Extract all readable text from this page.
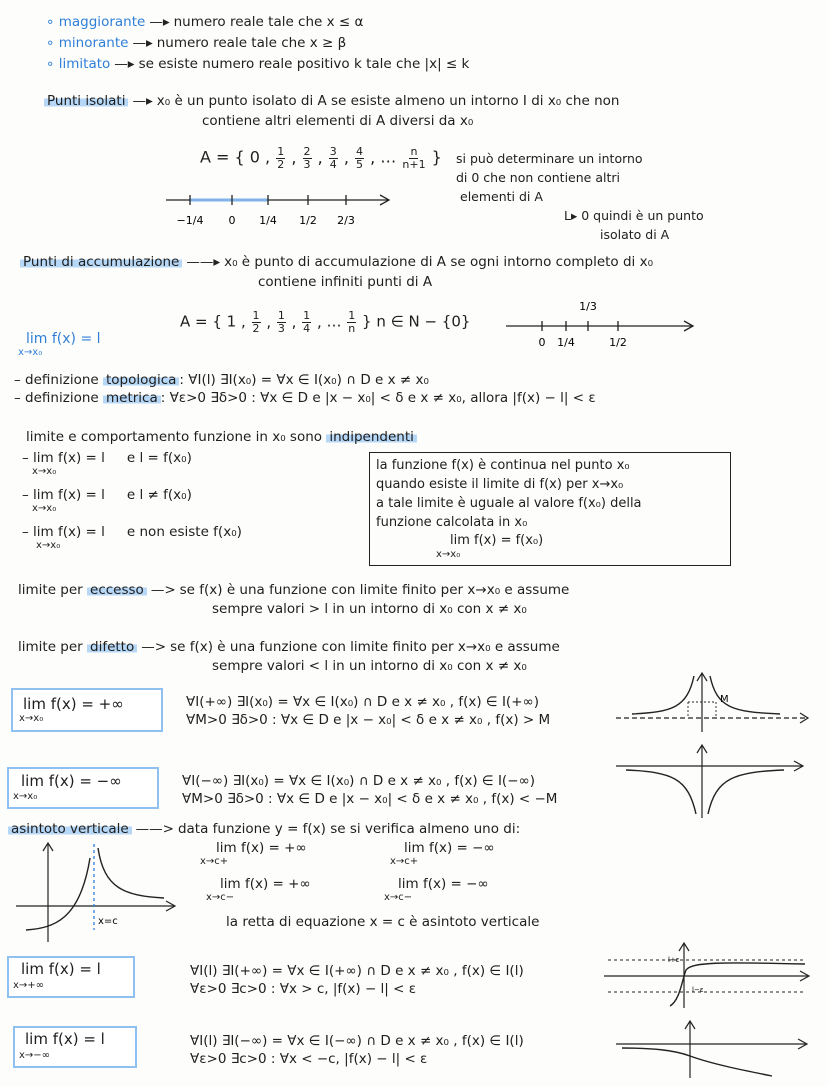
∘ maggiorante —▸ numero reale tale che x ≤ α
∘ minorante —▸ numero reale tale che x ≥ β
∘ limitato —▸ se esiste numero reale positivo k tale che |x| ≤ k
Punti isolati —▸ x₀ è un punto isolato di A se esiste almeno un intorno I di x₀ che non
contiene altri elementi di A diversi da x₀
A = { 0 , $\frac{1}{2}$ , $\frac{2}{3}$ , $\frac{3}{4}$ , $\frac{4}{5}$ , … $\frac{n}{n+1}$ }
−1/4 0 1/4 1/2 2/3
si può determinare un intorno
di 0 che non contiene altri
elementi di A
L▸ 0 quindi è un punto
isolato di A
Punti di accumulazione ——▸ x₀ è punto di accumulazione di A se ogni intorno completo di x₀
contiene infiniti punti di A
A = { 1 , $\frac{1}{2}$ , $\frac{1}{3}$ , $\frac{1}{4}$ , … $\frac{1}{n}$ } n ∈ N − {0}
0 1/4
1/3
1/2
lim f(x) = l
x→x₀
– definizione topologica : ∀I(l) ∃I(x₀) = ∀x ∈ I(x₀) ∩ D e x ≠ x₀
– definizione metrica : ∀ε>0 ∃δ>0 : ∀x ∈ D e |x − x₀| < δ e x ≠ x₀, allora |f(x) − l| < ε
limite e comportamento funzione in x₀ sono indipendenti
– lim f(x) = l e l = f(x₀)
x→x₀
– lim f(x) = l e l ≠ f(x₀)
x→x₀
– lim f(x) = l e non esiste f(x₀)
x→x₀
la funzione f(x) è continua nel punto x₀
quando esiste il limite di f(x) per x→x₀
a tale limite è uguale al valore f(x₀) della
funzione calcolata in x₀
lim f(x) = f(x₀)
x→x₀
limite per eccesso —> se f(x) è una funzione con limite finito per x→x₀ e assume
sempre valori > l in un intorno di x₀ con x ≠ x₀
limite per difetto —> se f(x) è una funzione con limite finito per x→x₀ e assume
sempre valori < l in un intorno di x₀ con x ≠ x₀
lim f(x) = +∞
x→x₀
∀I(+∞) ∃I(x₀) = ∀x ∈ I(x₀) ∩ D e x ≠ x₀ , f(x) ∈ I(+∞)
∀M>0 ∃δ>0 : ∀x ∈ D e |x − x₀| < δ e x ≠ x₀ , f(x) > M
M
lim f(x) = −∞
x→x₀
∀I(−∞) ∃I(x₀) = ∀x ∈ I(x₀) ∩ D e x ≠ x₀ , f(x) ∈ I(−∞)
∀M>0 ∃δ>0 : ∀x ∈ D e |x − x₀| < δ e x ≠ x₀ , f(x) < −M
asintoto verticale ——> data funzione y = f(x) se si verifica almeno uno di:
x=c
lim f(x) = +∞
x→c+
lim f(x) = −∞
x→c+
lim f(x) = +∞
x→c−
lim f(x) = −∞
x→c−
la retta di equazione x = c è asintoto verticale
lim f(x) = l
x→+∞
∀I(l) ∃I(+∞) = ∀x ∈ I(+∞) ∩ D e x ≠ x₀ , f(x) ∈ I(l)
∀ε>0 ∃c>0 : ∀x > c, |f(x) − l| < ε
l+ε
l−ε
lim f(x) = l
x→−∞
∀I(l) ∃I(−∞) = ∀x ∈ I(−∞) ∩ D e x ≠ x₀ , f(x) ∈ I(l)
∀ε>0 ∃c>0 : ∀x < −c, |f(x) − l| < ε
